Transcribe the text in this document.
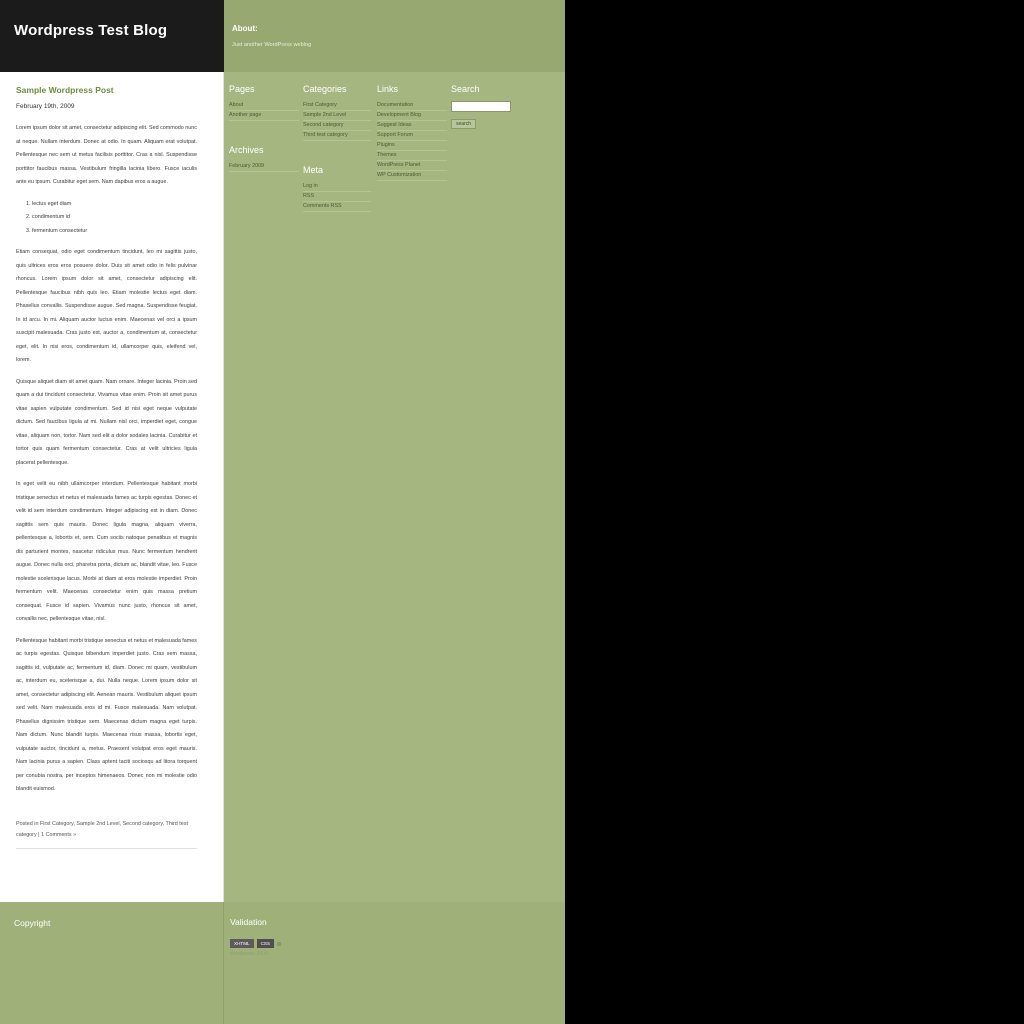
Wordpress Test Blog
Sample Wordpress Post
February 19th, 2009

Lorem ipsum dolor sit amet, consectetur adipiscing elit. Sed commodo nunc at neque. Nullam interdum. Donec at odio. In quam. Aliquam erat volutpat. Pellentesque nec sem ut metus facilisis porttitor. Cras a nisl. Suspendisse porttitor faucibus massa. Vestibulum fringilla lacinia libero. Fusce iaculis ante eu ipsum. Curabitur eget sem. Nam dapibus eros a augue.

1. lectus eget diam
2. condimentum id
3. fermentum consectetur

Etiam consequat, odio eget condimentum tincidunt, leo mi sagittis justo, quis ultrices eros eros posuere dolor. Duis sit amet odio in felis pulvinar rhoncus. Lorem ipsum dolor sit amet, consectetur adipiscing elit. Pellentesque faucibus nibh quis leo. Etiam molestie lectus eget diam. Phasellus convallis. Suspendisse augue. Sed magna. Suspendisse feugiat. In id arcu. In mi. Aliquam auctor luctus enim. Maecenas vel orci a ipsum suscipit malesuada. Cras justo est, auctor a, condimentum at, consectetur eget, elit. In nisi eros, condimentum id, ullamcorper quis, eleifend vel, lorem.

Quisque aliquet diam sit amet quam. Nam ornare. Integer lacinia. Proin sed quam a dui tincidunt consectetur. Vivamus vitae enim. Proin sit amet purus vitae sapien vulputate condimentum. Sed id nisi eget neque vulputate dictum. Sed faucibus ligula at mi. Nullam nisl orci, imperdiet eget, congue vitae, aliquam non, tortor. Nam sed elit a dolor sodales lacinia. Curabitur et tortor quis quam fermentum consectetur. Cras at velit ultricies ligula placerat pellentesque.

In eget velit eu nibh ullamcorper interdum. Pellentesque habitant morbi tristique senectus et netus et malesuada fames ac turpis egestas. Donec et velit id sem interdum condimentum. Integer adipiscing est in diam. Donec sagittis sem quis mauris. Donec ligula magna, aliquam viverra, pellentesque a, lobortis et, sem. Cum sociis natoque penatibus et magnis dis parturient montes, nascetur ridiculus mus. Nunc fermentum hendrerit augue. Donec nulla orci, pharetra porta, dictum ac, blandit vitae, leo. Fusce molestie scelerisque lacus. Morbi at diam at eros molestie imperdiet. Proin fermentum velit. Maecenas consectetur enim quis massa pretium consequat. Fusce id sapien. Vivamus nunc justo, rhoncus sit amet, convallis nec, pellentesque vitae, nisl.

Pellentesque habitant morbi tristique senectus et netus et malesuada fames ac turpis egestas. Quisque bibendum imperdiet justo. Cras sem massa, sagittis id, vulputate ac, fermentum id, diam. Donec mi quam, vestibulum ac, interdum eu, scelerisque a, dui. Nulla neque. Lorem ipsum dolor sit amet, consectetur adipiscing elit. Aenean mauris. Vestibulum aliquet ipsum sed velit. Nam malesuada eros id mi. Fusce malesuada. Nam volutpat. Phasellus dignissim tristique sem. Maecenas dictum magna eget turpis. Nam dictum. Nunc blandit turpis. Maecenas risus massa, lobortis eget, vulputate auctor, tincidunt a, metus. Praesent volutpat eros eget mauris. Nam lacinia purus a sapien. Class aptent taciti sociosqu ad litora torquent per conubia nostra, per inceptos himenaeos. Donec non mi molestie odio blandit euismod.

Posted in First Category, Sample 2nd Level, Second category, Third test category | 1 Comments »
Copyright
About:
Just another WordPress weblog
Pages
About
Another page
Archives
February 2009
Categories
First Category
Sample 2nd Level
Second category
Third test category
Meta
Log in
RSS
Comments RSS
Links
Documentation
Development Blog
Suggest Ideas
Support Forum
Plugins
Themes
WordPress Planet
WP Customization
Search
search
Validation
XHTML CSS
Wordpress 2009
